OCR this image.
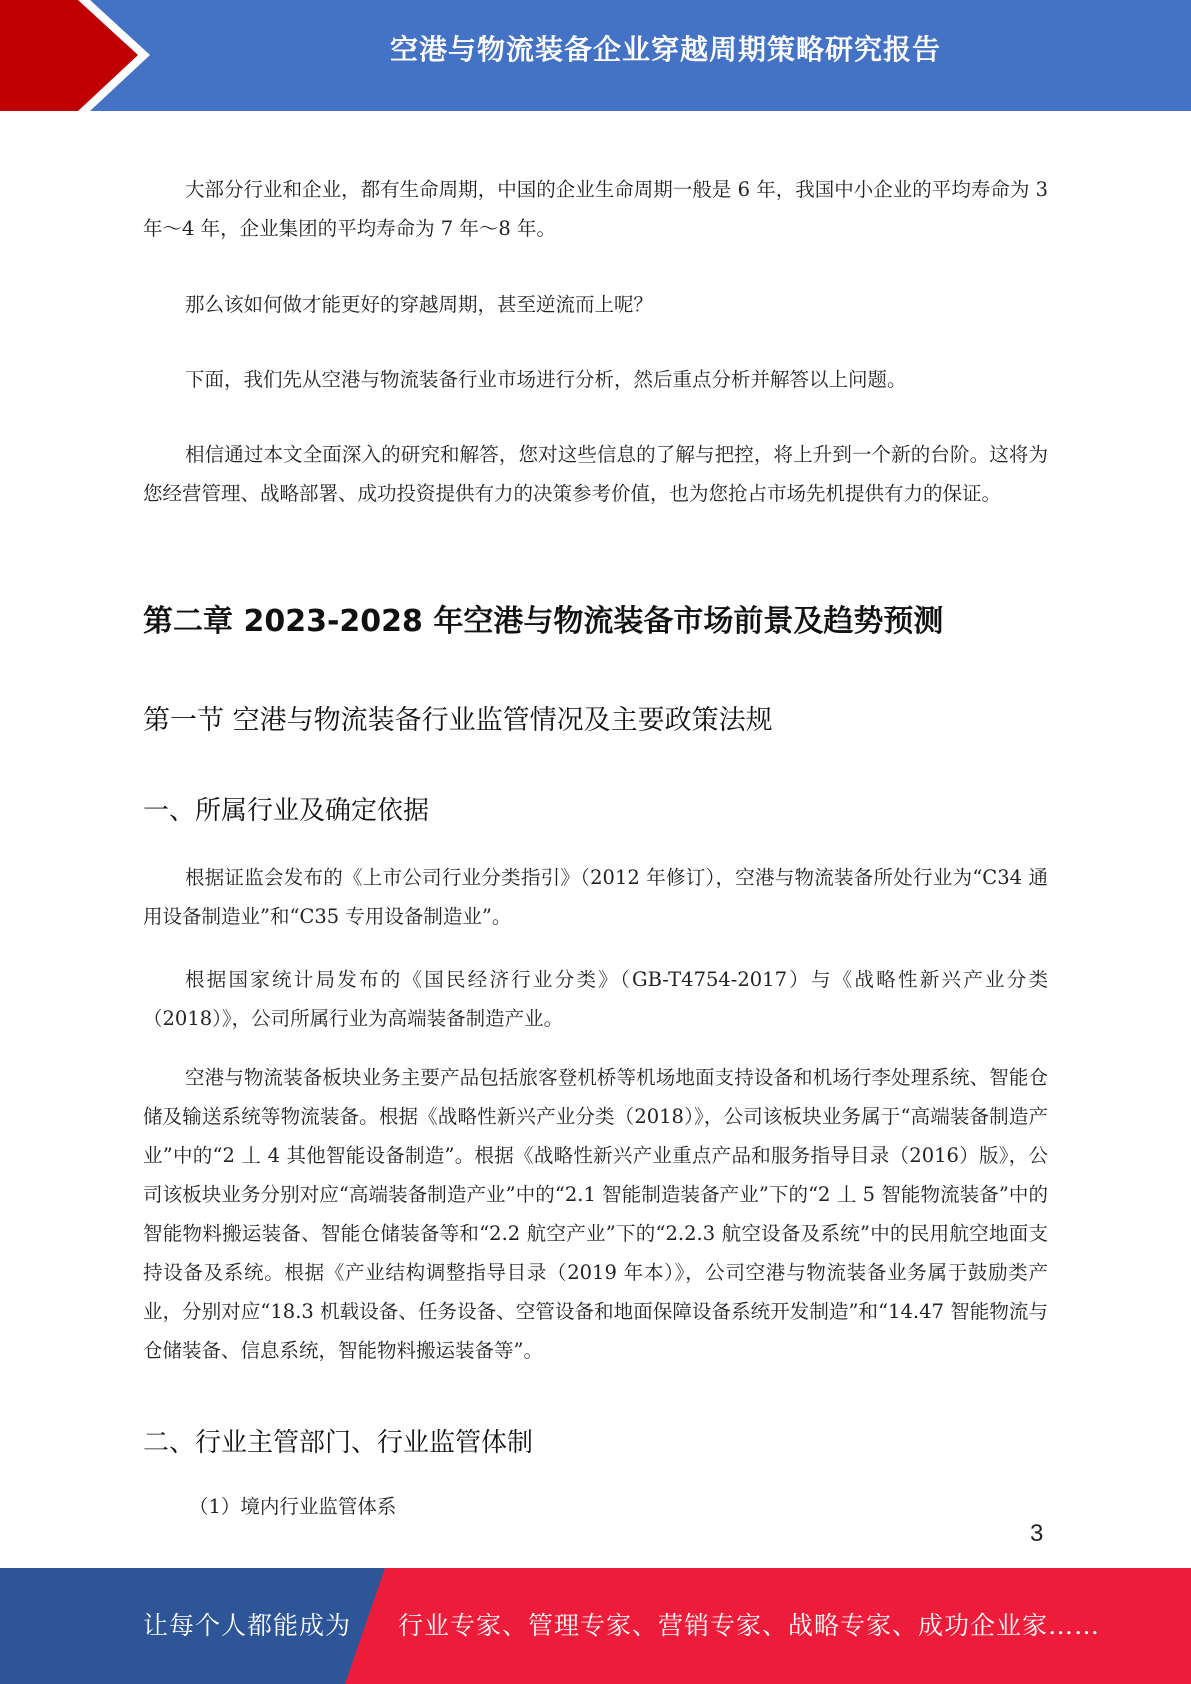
空港与物流装备企业穿越周期策略研究报告

大部分行业和企业，都有生命周期，中国的企业生命周期一般是 6 年，我国中小企业的平均寿命为 3 年～4 年，企业集团的平均寿命为 7 年～8 年。

那么该如何做才能更好的穿越周期，甚至逆流而上呢？

下面，我们先从空港与物流装备行业市场进行分析，然后重点分析并解答以上问题。

相信通过本文全面深入的研究和解答，您对这些信息的了解与把控，将上升到一个新的台阶。这将为您经营管理、战略部署、成功投资提供有力的决策参考价值，也为您抢占市场先机提供有力的保证。

第二章 2023-2028 年空港与物流装备市场前景及趋势预测
第一节 空港与物流装备行业监管情况及主要政策法规
一、所属行业及确定依据

根据证监会发布的《上市公司行业分类指引》（2012 年修订），空港与物流装备所处行业为“C34 通用设备制造业”和“C35 专用设备制造业”。

根据国家统计局发布的《国民经济行业分类》（GB-T4754-2017）与《战略性新兴产业分类（2018）》，公司所属行业为高端装备制造产业。

空港与物流装备板块业务主要产品包括旅客登机桥等机场地面支持设备和机场行李处理系统、智能仓储及输送系统等物流装备。根据《战略性新兴产业分类（2018）》，公司该板块业务属于“高端装备制造产业”中的“2 丄 4 其他智能设备制造”。根据《战略性新兴产业重点产品和服务指导目录（2016）版》，公司该板块业务分别对应“高端装备制造产业”中的“2.1 智能制造装备产业”下的“2 丄 5 智能物流装备”中的智能物料搬运装备、智能仓储装备等和“2.2 航空产业”下的“2.2.3 航空设备及系统”中的民用航空地面支持设备及系统。根据《产业结构调整指导目录（2019 年本）》，公司空港与物流装备业务属于鼓励类产业，分别对应“18.3 机载设备、任务设备、空管设备和地面保障设备系统开发制造”和“14.47 智能物流与仓储装备、信息系统，智能物料搬运装备等”。

二、行业主管部门、行业监管体制

（1）境内行业监管体系

3
让每个人都能成为 行业专家、管理专家、营销专家、战略专家、成功企业家……
